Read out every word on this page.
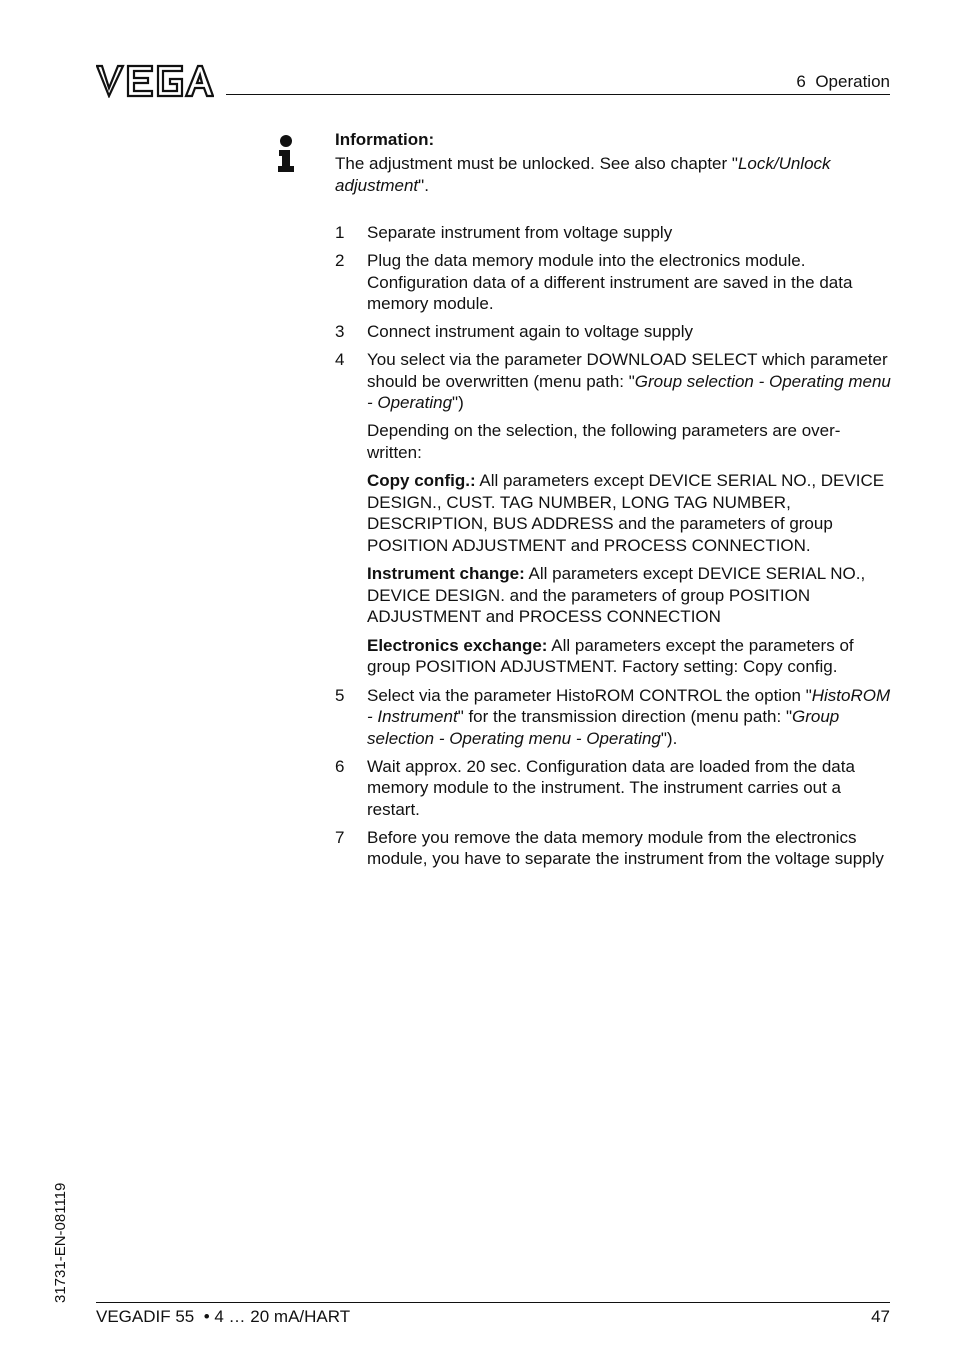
6 Operation
Information:
The adjustment must be unlocked. See also chapter "Lock/Unlock adjustment".
1	Separate instrument from voltage supply
2	Plug the data memory module into the electronics module. Configuration data of a different instrument are saved in the data memory module.
3	Connect instrument again to voltage supply
4	You select via the parameter DOWNLOAD SELECT which parameter should be overwritten (menu path: "Group selection - Operating menu - Operating")
Depending on the selection, the following parameters are over-written:
Copy config.: All parameters except DEVICE SERIAL NO., DEVICE DESIGN., CUST. TAG NUMBER, LONG TAG NUMBER, DESCRIPTION, BUS ADDRESS and the parameters of group POSITION ADJUSTMENT and PROCESS CONNECTION.
Instrument change: All parameters except DEVICE SERIAL NO., DEVICE DESIGN. and the parameters of group POSITION ADJUSTMENT and PROCESS CONNECTION
Electronics exchange: All parameters except the parameters of group POSITION ADJUSTMENT. Factory setting: Copy config.
5	Select via the parameter HistoROM CONTROL the option "HistoROM - Instrument" for the transmission direction (menu path: "Group selection - Operating menu - Operating").
6	Wait approx. 20 sec. Configuration data are loaded from the data memory module to the instrument. The instrument carries out a restart.
7	Before you remove the data memory module from the electronics module, you have to separate the instrument from the voltage supply
31731-EN-081119
VEGADIF 55  • 4 … 20 mA/HART	47
